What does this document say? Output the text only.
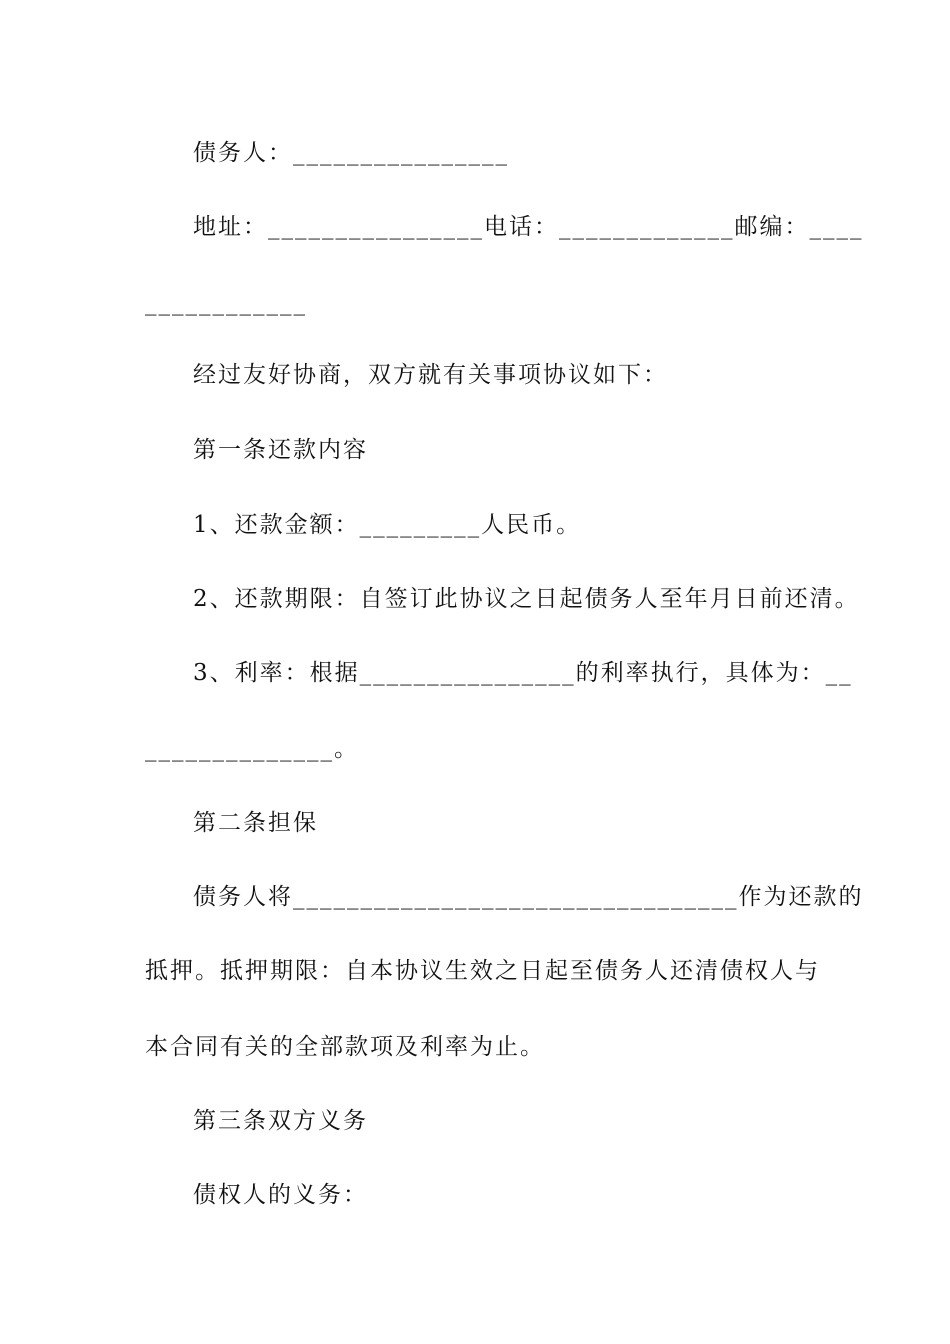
债务人：________________
地址：________________电话：_____________邮编：____
____________
经过友好协商，双方就有关事项协议如下：
第一条还款内容
1、还款金额：_________人民币。
2、还款期限：自签订此协议之日起债务人至年月日前还清。
3、利率：根据________________的利率执行，具体为：__
______________。
第二条担保
债务人将_________________________________作为还款的
抵押。抵押期限：自本协议生效之日起至债务人还清债权人与
本合同有关的全部款项及利率为止。
第三条双方义务
债权人的义务：
